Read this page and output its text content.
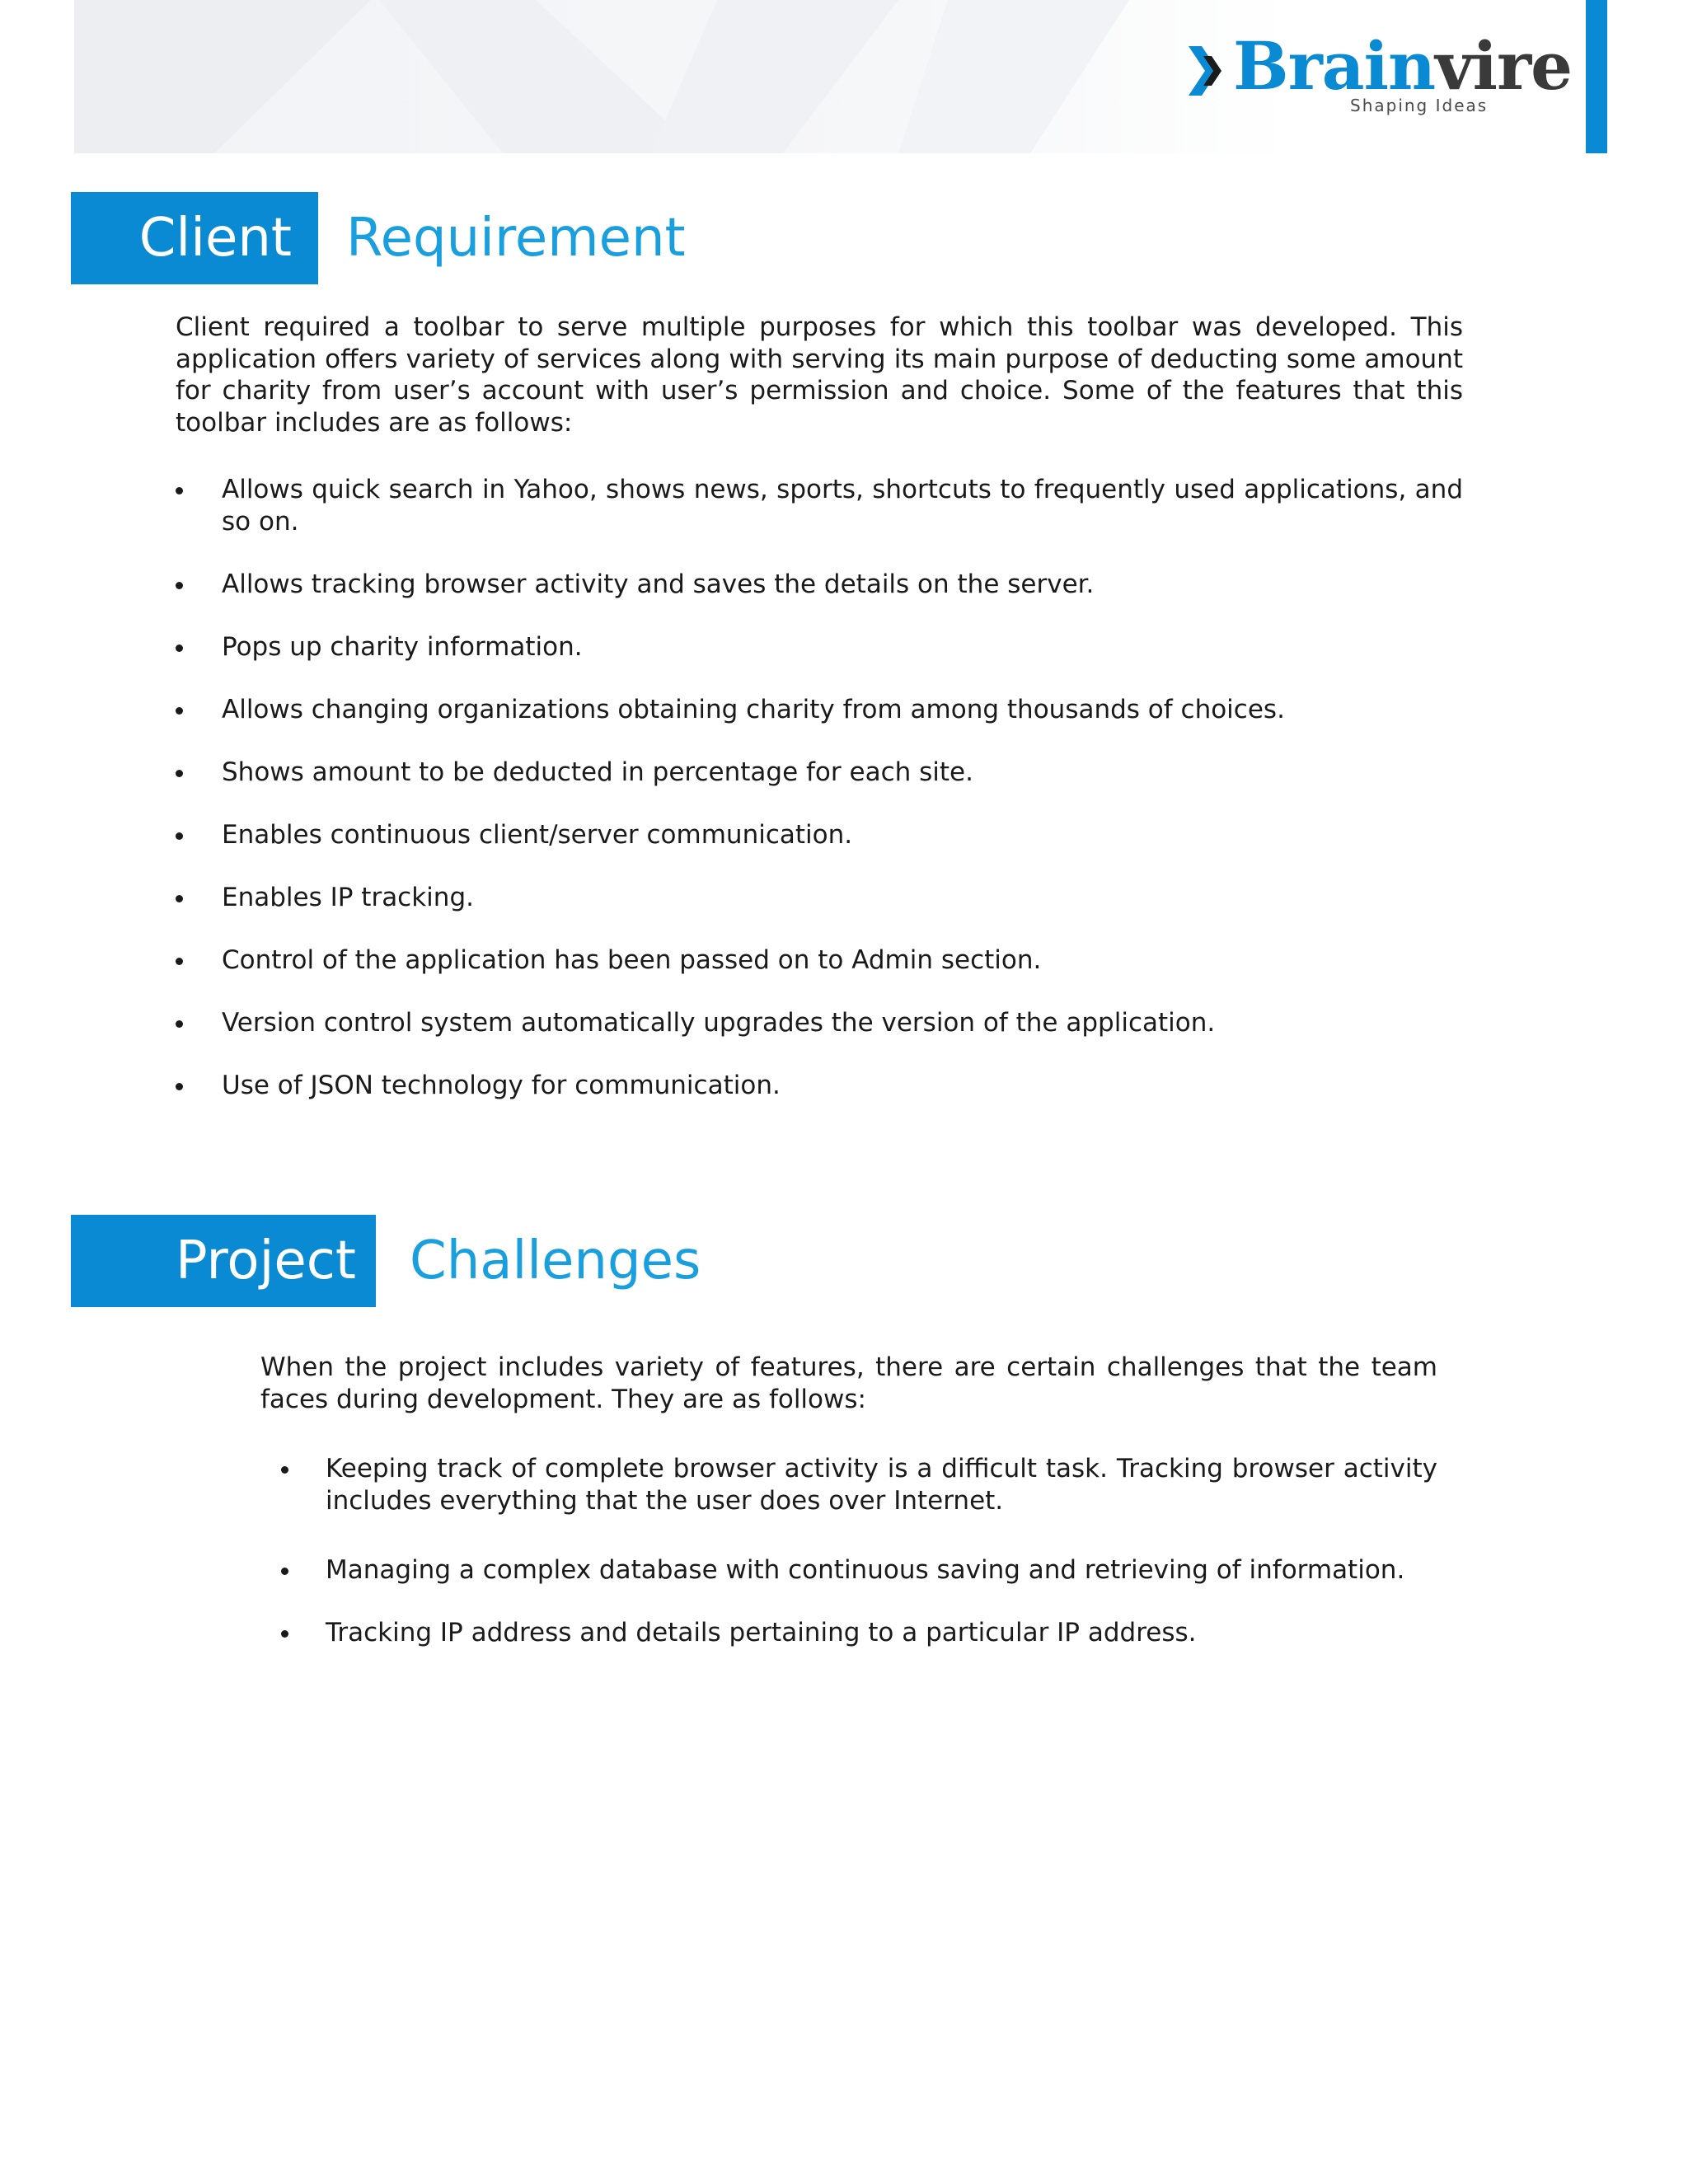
Brainvire
Shaping Ideas
Client	Requirement

Client required a toolbar to serve multiple purposes for which this toolbar was developed. This application offers variety of services along with serving its main purpose of deducting some amount for charity from user’s account with user’s permission and choice. Some of the features that this toolbar includes are as follows:

Allows quick search in Yahoo, shows news, sports, shortcuts to frequently used applications, and so on.
Allows tracking browser activity and saves the details on the server.
Pops up charity information.
Allows changing organizations obtaining charity from among thousands of choices.
Shows amount to be deducted in percentage for each site.
Enables continuous client/server communication.
Enables IP tracking.
Control of the application has been passed on to Admin section.
Version control system automatically upgrades the version of the application.
Use of JSON technology for communication.
Project	Challenges

When the project includes variety of features, there are certain challenges that the team faces during development. They are as follows:

Keeping track of complete browser activity is a difficult task. Tracking browser activity includes everything that the user does over Internet.
Managing a complex database with continuous saving and retrieving of information.
Tracking IP address and details pertaining to a particular IP address.
